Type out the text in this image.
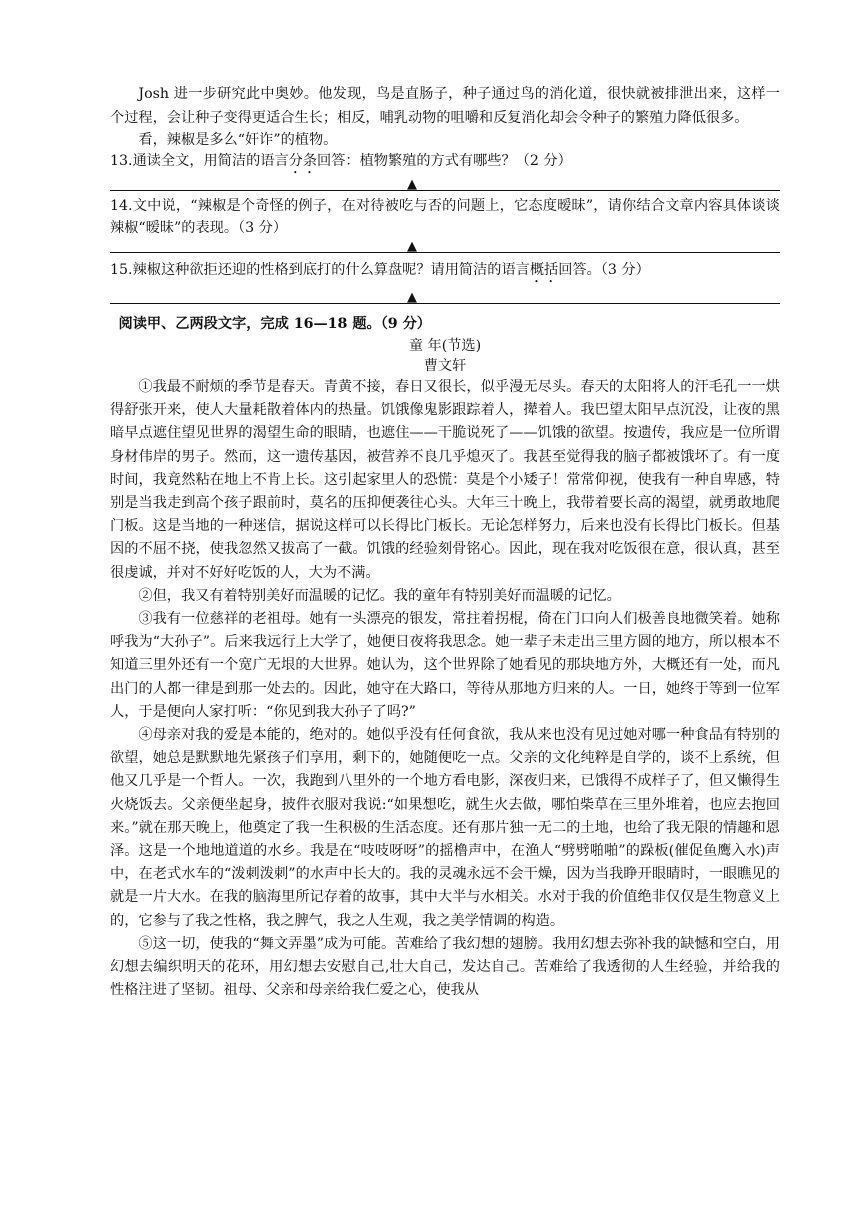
Josh 进一步研究此中奥妙。他发现，鸟是直肠子，种子通过鸟的消化道，很快就被排泄出来，这样一个过程，会让种子变得更适合生长；相反，哺乳动物的咀嚼和反复消化却会令种子的繁殖力降低很多。

看，辣椒是多么“奸诈”的植物。

13.通读全文，用简洁的语言分条回答：植物繁殖的方式有哪些？（2 分）

▲

14.文中说，“辣椒是个奇怪的例子，在对待被吃与否的问题上，它态度暧昧”，请你结合文章内容具体谈谈辣椒“暧昧”的表现。（3 分）

▲

15.辣椒这种欲拒还迎的性格到底打的什么算盘呢？请用简洁的语言概括回答。（3 分）

▲

阅读甲、乙两段文字，完成 16—18 题。（9 分）

童 年(节选)

曹文轩

①我最不耐烦的季节是春天。青黄不接，春日又很长，似乎漫无尽头。春天的太阳将人的汗毛孔一一烘得舒张开来，使人大量耗散着体内的热量。饥饿像鬼影跟踪着人，撵着人。我巴望太阳早点沉没，让夜的黑暗早点遮住望见世界的渴望生命的眼睛，也遮住——干脆说死了——饥饿的欲望。按遗传，我应是一位所谓身材伟岸的男子。然而，这一遗传基因，被营养不良几乎熄灭了。我甚至觉得我的脑子都被饿坏了。有一度时间，我竟然粘在地上不肯上长。这引起家里人的恐慌：莫是个小矮子！常常仰视，使我有一种自卑感，特别是当我走到高个孩子跟前时，莫名的压抑便袭往心头。大年三十晚上，我带着要长高的渴望，就勇敢地爬门板。这是当地的一种迷信，据说这样可以长得比门板长。无论怎样努力，后来也没有长得比门板长。但基因的不屈不挠，使我忽然又拔高了一截。饥饿的经验刻骨铭心。因此，现在我对吃饭很在意，很认真，甚至很虔诚，并对不好好吃饭的人，大为不满。

②但，我又有着特别美好而温暖的记忆。我的童年有特别美好而温暖的记忆。

③我有一位慈祥的老祖母。她有一头漂亮的银发，常拄着拐棍，倚在门口向人们极善良地微笑着。她称呼我为“大孙子”。后来我远行上大学了，她便日夜将我思念。她一辈子未走出三里方圆的地方，所以根本不知道三里外还有一个宽广无垠的大世界。她认为，这个世界除了她看见的那块地方外，大概还有一处，而凡出门的人都一律是到那一处去的。因此，她守在大路口，等待从那地方归来的人。一日，她终于等到一位军人，于是便向人家打听：“你见到我大孙子了吗?”

④母亲对我的爱是本能的，绝对的。她似乎没有任何食欲，我从来也没有见过她对哪一种食品有特别的欲望，她总是默默地先紧孩子们享用，剩下的，她随便吃一点。父亲的文化纯粹是自学的，谈不上系统，但他又几乎是一个哲人。一次，我跑到八里外的一个地方看电影，深夜归来，已饿得不成样子了，但又懒得生火烧饭去。父亲便坐起身，披件衣服对我说:“如果想吃，就生火去做，哪怕柴草在三里外堆着，也应去抱回来。”就在那天晚上，他奠定了我一生积极的生活态度。还有那片独一无二的土地，也给了我无限的情趣和恩泽。这是一个地地道道的水乡。我是在“吱吱呀呀”的摇橹声中，在渔人“劈劈啪啪”的跺板(催促鱼鹰入水)声中，在老式水车的“泼刺泼刺”的水声中长大的。我的灵魂永远不会干燥，因为当我睁开眼睛时，一眼瞧见的就是一片大水。在我的脑海里所记存着的故事，其中大半与水相关。水对于我的价值绝非仅仅是生物意义上的，它参与了我之性格，我之脾气，我之人生观，我之美学情调的构造。

⑤这一切，使我的“舞文弄墨”成为可能。苦难给了我幻想的翅膀。我用幻想去弥补我的缺憾和空白，用幻想去编织明天的花环，用幻想去安慰自己,壮大自己，发达自己。苦难给了我透彻的人生经验，并给我的性格注进了坚韧。祖母、父亲和母亲给我仁爱之心，使我从
